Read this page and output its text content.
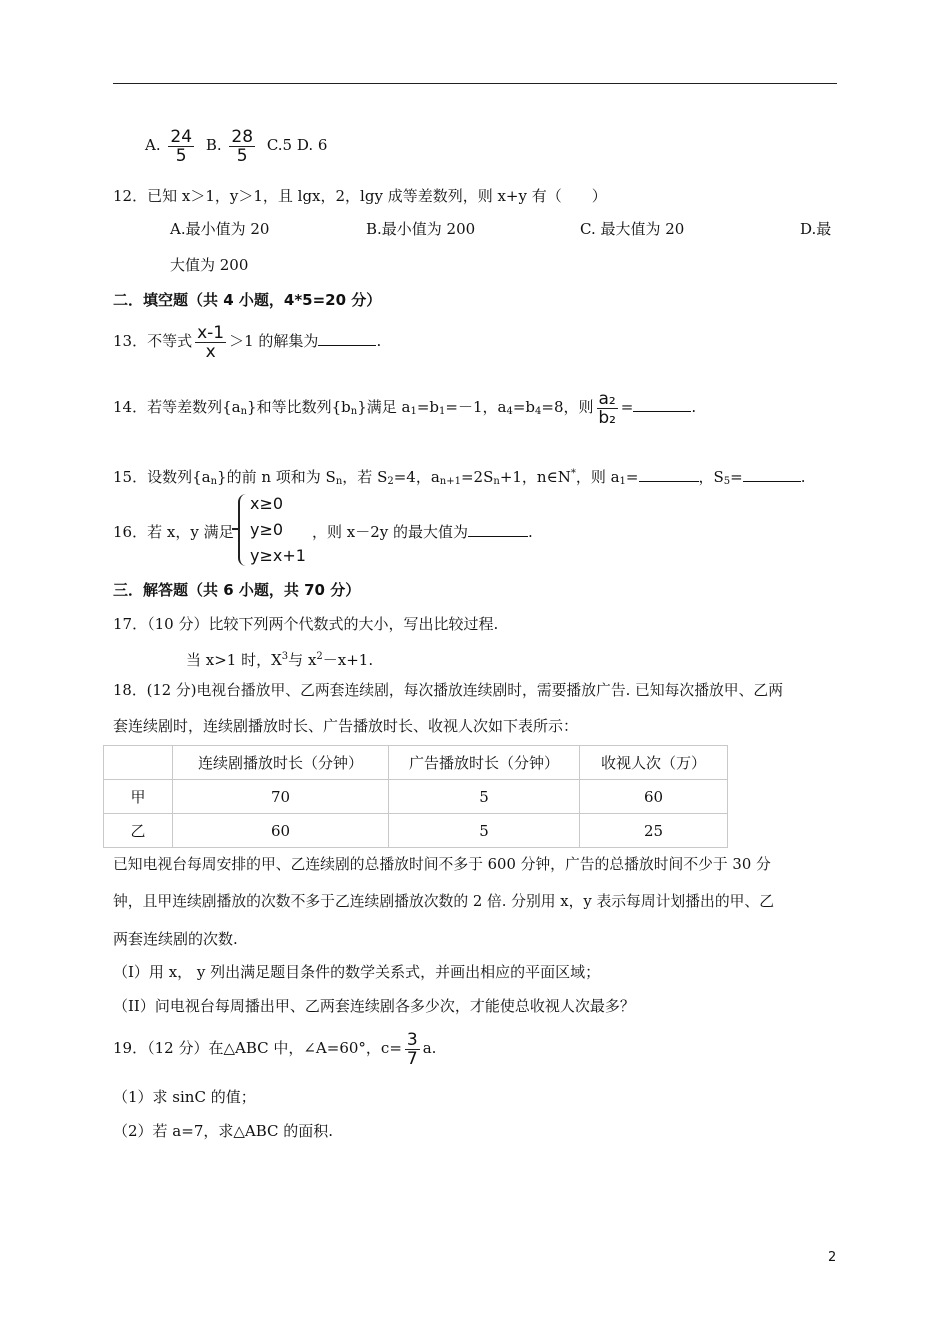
A. $\frac{24}{5} B$. $\frac{28}{5} C.5$ D. 6
12．已知 x＞1，y＞1，且 lgx，2，lgy 成等差数列，则 x+y 有（　　）
A.最小值为 20	B.最小值为 200	C. 最大值为 20	D.最
大值为 200
二．填空题（共 4 小题，4*5=20 分）
13．不等式 $\frac{x-1}{x} >1$ 的解集为	.
14．若等差数列$\{a_n\}$和等比数列$\{b_n\}$满足 $a_1=b_1=-1$，$a_4=b_4=8$，则 $\frac{\text{a₂}}{\text{b₂}}$ =	.
15．设数列$\{a_n\}$的前 n 项和为 $S_n$，若 $S_2=4$，$a_{n+1}=2S_n+1$，n∈N*，则 $a_1=$	，$S_5=$	.
16．若 x，y 满足
x≥0
y≥0
y≥x+1
，则 x－2y 的最大值为	.
三．解答题（共 6 小题，共 70 分）
17．（10 分）比较下列两个代数式的大小，写出比较过程.
当 x>1 时，$X^3$与 $x^2-x+1$.
18．(12 分)电视台播放甲、乙两套连续剧，每次播放连续剧时，需要播放广告. 已知每次播放甲、乙两
套连续剧时，连续剧播放时长、广告播放时长、收视人次如下表所示：
	连续剧播放时长（分钟）	广告播放时长（分钟）	收视人次（万）
甲	70	5	60
乙	60	5	25
已知电视台每周安排的甲、乙连续剧的总播放时间不多于 600 分钟，广告的总播放时间不少于 30 分
钟，且甲连续剧播放的次数不多于乙连续剧播放次数的 2 倍. 分别用 x，y 表示每周计划播出的甲、乙
两套连续剧的次数.
（I）用 x， y 列出满足题目条件的数学关系式，并画出相应的平面区域；
（II）问电视台每周播出甲、乙两套连续剧各多少次，才能使总收视人次最多？
19．（12 分）在△ABC 中，∠A=60°，$c= \frac{3}{7} a$.
（1）求 sinC 的值；
（2）若 a=7，求△ABC 的面积.
2
